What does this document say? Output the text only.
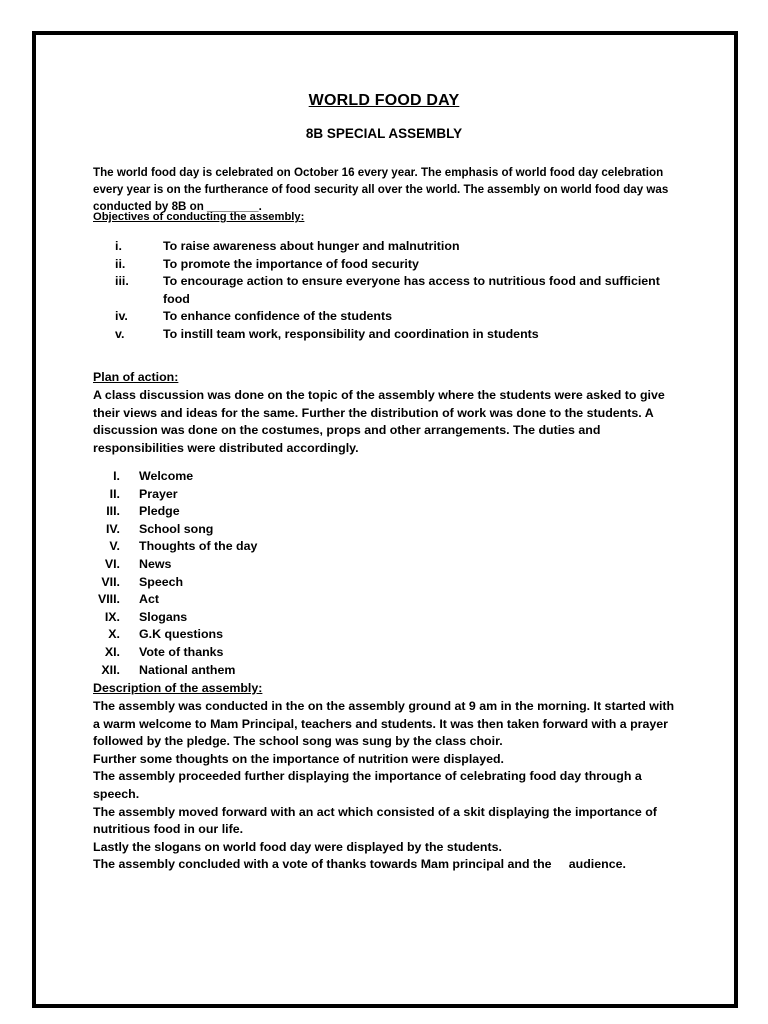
WORLD FOOD DAY
8B SPECIAL ASSEMBLY

The world food day is celebrated on October 16 every year. The emphasis of world food day celebration every year is on the furtherance of food security all over the world. The assembly on world food day was conducted by 8B on ________.

Objectives of conducting the assembly:
i.	To raise awareness about hunger and malnutrition
ii.	To promote the importance of food security
iii.	To encourage action to ensure everyone has access to nutritious food and sufficient food
iv.	To enhance confidence of the students
v.	To instill team work, responsibility and coordination in students
Plan of action:

A class discussion was done on the topic of the assembly where the students were asked to give their views and ideas for the same. Further the distribution of work was done to the students. A discussion was done on the costumes, props and other arrangements. The duties and responsibilities were distributed accordingly.

I. Welcome
II. Prayer
III. Pledge
IV. School song
V. Thoughts of the day
VI. News
VII. Speech
VIII. Act
IX. Slogans
X. G.K questions
XI. Vote of thanks
XII. National anthem
Description of the assembly:

The assembly was conducted in the on the assembly ground at 9 am in the morning. It started with a warm welcome to Mam Principal, teachers and students. It was then taken forward with a prayer followed by the pledge. The school song was sung by the class choir.

Further some thoughts on the importance of nutrition were displayed.

The assembly proceeded further displaying the importance of celebrating food day through a speech.

The assembly moved forward with an act which consisted of a skit displaying the importance of nutritious food in our life.

Lastly the slogans on world food day were displayed by the students.

The assembly concluded with a vote of thanks towards Mam principal and the     audience.
